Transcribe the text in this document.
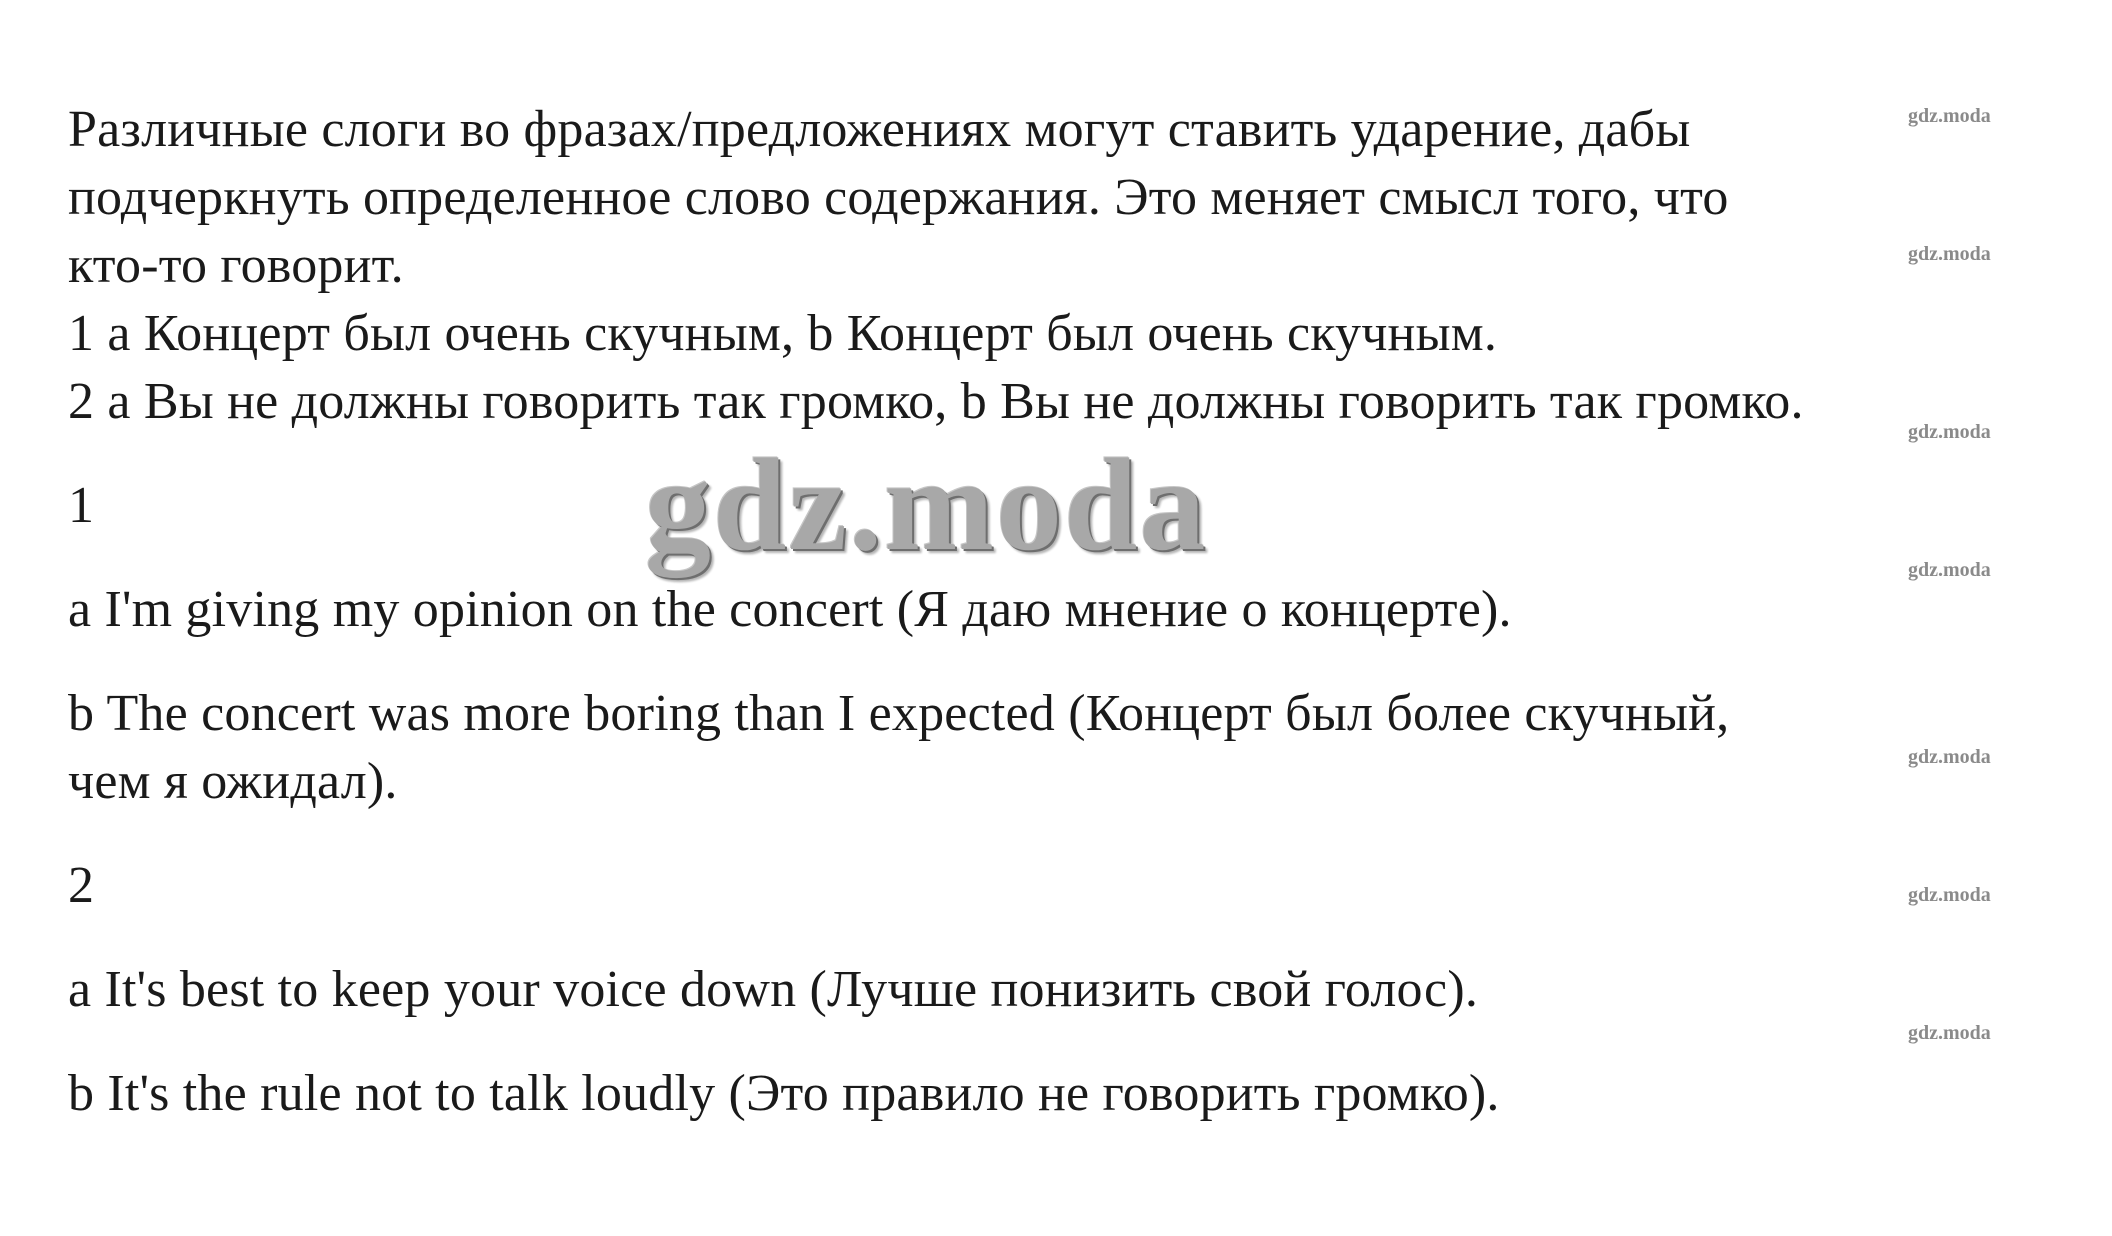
Различные слоги во фразах/предложениях могут ставить ударение, дабы
подчеркнуть определенное слово содержания. Это меняет смысл того, что
кто-то говорит.
1 a Концерт был очень скучным, b Концерт был очень скучным.
2 a Вы не должны говорить так громко, b Вы не должны говорить так громко.
1
a I'm giving my opinion on the concert (Я даю мнение о концерте).
b The concert was more boring than I expected (Концерт был более скучный,
чем я ожидал).
2
a It's best to keep your voice down (Лучше понизить свой голос).
b It's the rule not to talk loudly (Это правило не говорить громко).
gdz.moda
gdz.moda
gdz.moda
gdz.moda
gdz.moda
gdz.moda
gdz.moda
gdz.moda
